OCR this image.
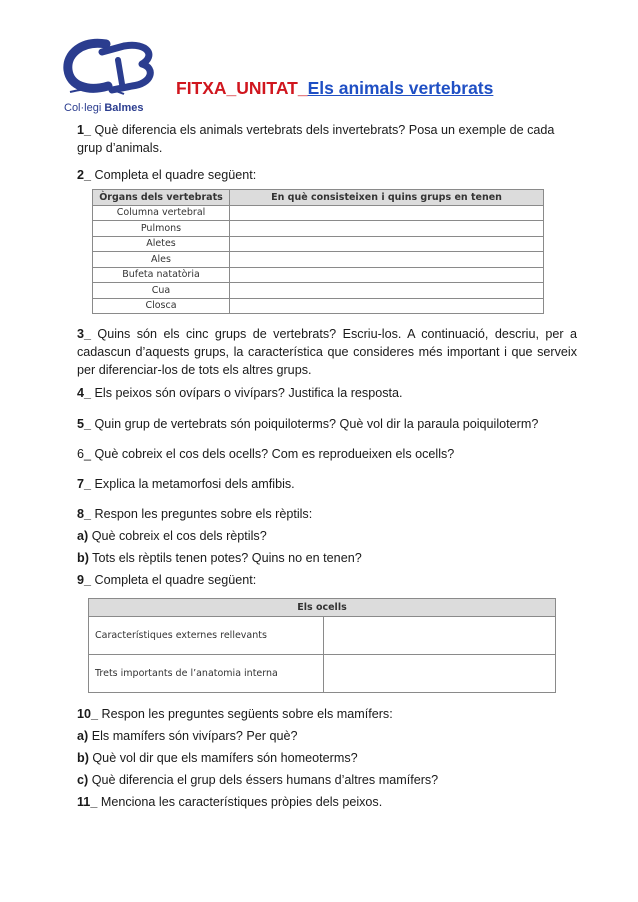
Col·legi Balmes
FITXA_UNITAT_Els animals vertebrats
1_ Què diferencia els animals vertebrats dels invertebrats? Posa un exemple de cada grup d’animals.
2_ Completa el quadre següent:
Òrgans dels vertebrats	En què consisteixen i quins grups en tenen
Columna vertebral	
Pulmons	
Aletes	
Ales	
Bufeta natatòria	
Cua	
Closca	
3_ Quins són els cinc grups de vertebrats? Escriu-los. A continuació, descriu, per a cadascun d’aquests grups, la característica que consideres més important i que serveix per diferenciar-los de tots els altres grups.
4_ Els peixos són ovípars o vivípars? Justifica la resposta.
5_ Quin grup de vertebrats són poiquiloterms? Què vol dir la paraula poiquiloterm?
6_ Què cobreix el cos dels ocells? Com es reprodueixen els ocells?
7_ Explica la metamorfosi dels amfibis.
8_ Respon les preguntes sobre els rèptils:
a) Què cobreix el cos dels rèptils?
b) Tots els rèptils tenen potes? Quins no en tenen?
9_ Completa el quadre següent:
Els ocells	
Característiques externes rellevants	
Trets importants de l’anatomia interna	
10_ Respon les preguntes següents sobre els mamífers:
a) Els mamífers són vivípars? Per què?
b) Què vol dir que els mamífers són homeoterms?
c) Què diferencia el grup dels éssers humans d’altres mamífers?
11_ Menciona les característiques pròpies dels peixos.
